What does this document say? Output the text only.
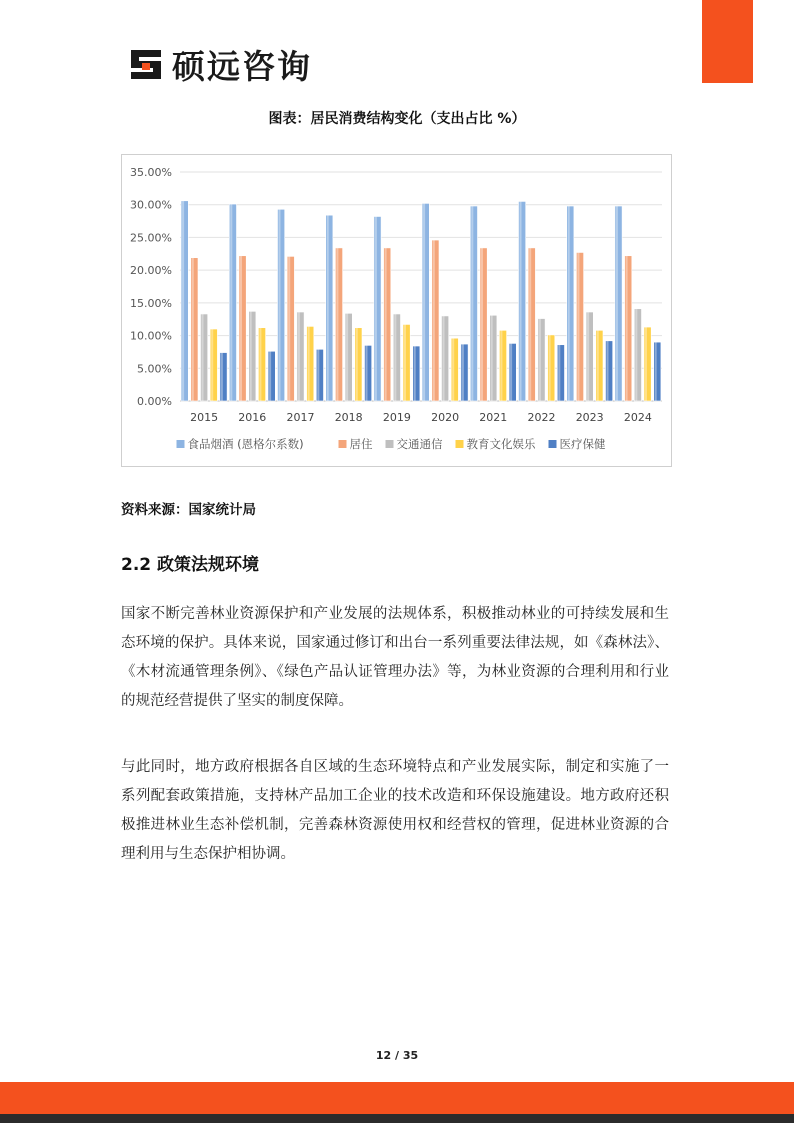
硕远咨询
图表：居民消费结构变化（支出占比 %）
0.00%
5.00%
10.00%
15.00%
20.00%
25.00%
30.00%
35.00%
2015 2016 2017 2018 2019 2020 2021 2022 2023 2024
食品烟酒 (恩格尔系数)	居住 交通通信 教育文化娱乐 医疗保健
资料来源：国家统计局
2.2 政策法规环境
国家不断完善林业资源保护和产业发展的法规体系，积极推动林业的可持续发展和生态环境的保护。具体来说，国家通过修订和出台一系列重要法律法规，如《森林法》、《木材流通管理条例》、《绿色产品认证管理办法》等，为林业资源的合理利用和行业的规范经营提供了坚实的制度保障。
与此同时，地方政府根据各自区域的生态环境特点和产业发展实际，制定和实施了一系列配套政策措施，支持林产品加工企业的技术改造和环保设施建设。地方政府还积极推进林业生态补偿机制，完善森林资源使用权和经营权的管理，促进林业资源的合理利用与生态保护相协调。
12 / 35
